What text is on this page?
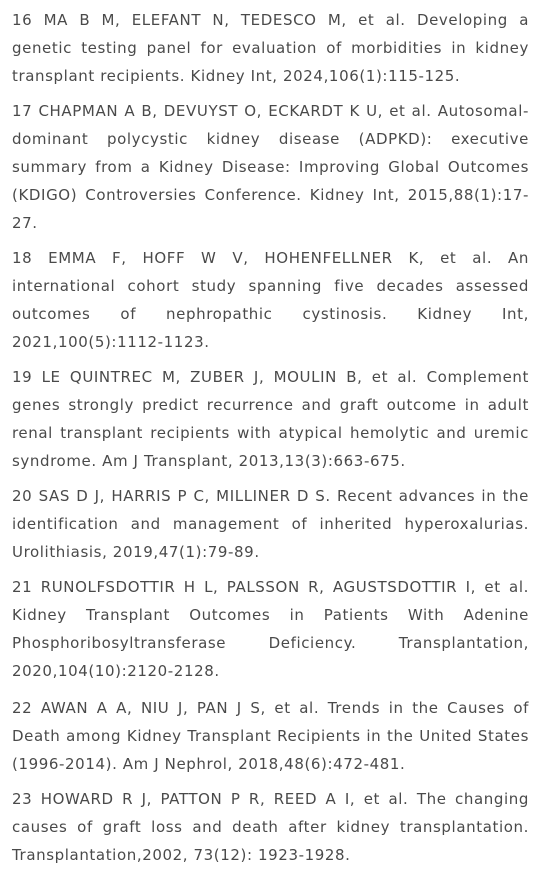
16 MA B M, ELEFANT N, TEDESCO M, et al. Developing a genetic testing panel for evaluation of morbidities in kidney transplant recipients. Kidney Int, 2024,106(1):115-125.
17 CHAPMAN A B, DEVUYST O, ECKARDT K U, et al. Autosomal-dominant polycystic kidney disease (ADPKD): executive summary from a Kidney Disease: Improving Global Outcomes (KDIGO) Controversies Conference. Kidney Int, 2015,88(1):17-27.
18 EMMA F, HOFF W V, HOHENFELLNER K, et al. An international cohort study spanning five decades assessed outcomes of nephropathic cystinosis. Kidney Int, 2021,100(5):1112-1123.
19 LE QUINTREC M, ZUBER J, MOULIN B, et al. Complement genes strongly predict recurrence and graft outcome in adult renal transplant recipients with atypical hemolytic and uremic syndrome. Am J Transplant, 2013,13(3):663-675.
20 SAS D J, HARRIS P C, MILLINER D S. Recent advances in the identification and management of inherited hyperoxalurias. Urolithiasis, 2019,47(1):79-89.
21 RUNOLFSDOTTIR H L, PALSSON R, AGUSTSDOTTIR I, et al. Kidney Transplant Outcomes in Patients With Adenine Phosphoribosyltransferase Deficiency. Transplantation, 2020,104(10):2120-2128.
22 AWAN A A, NIU J, PAN J S, et al. Trends in the Causes of Death among Kidney Transplant Recipients in the United States (1996-2014). Am J Nephrol, 2018,48(6):472-481.
23 HOWARD R J, PATTON P R, REED A I, et al. The changing causes of graft loss and death after kidney transplantation. Transplantation,2002, 73(12): 1923-1928.
